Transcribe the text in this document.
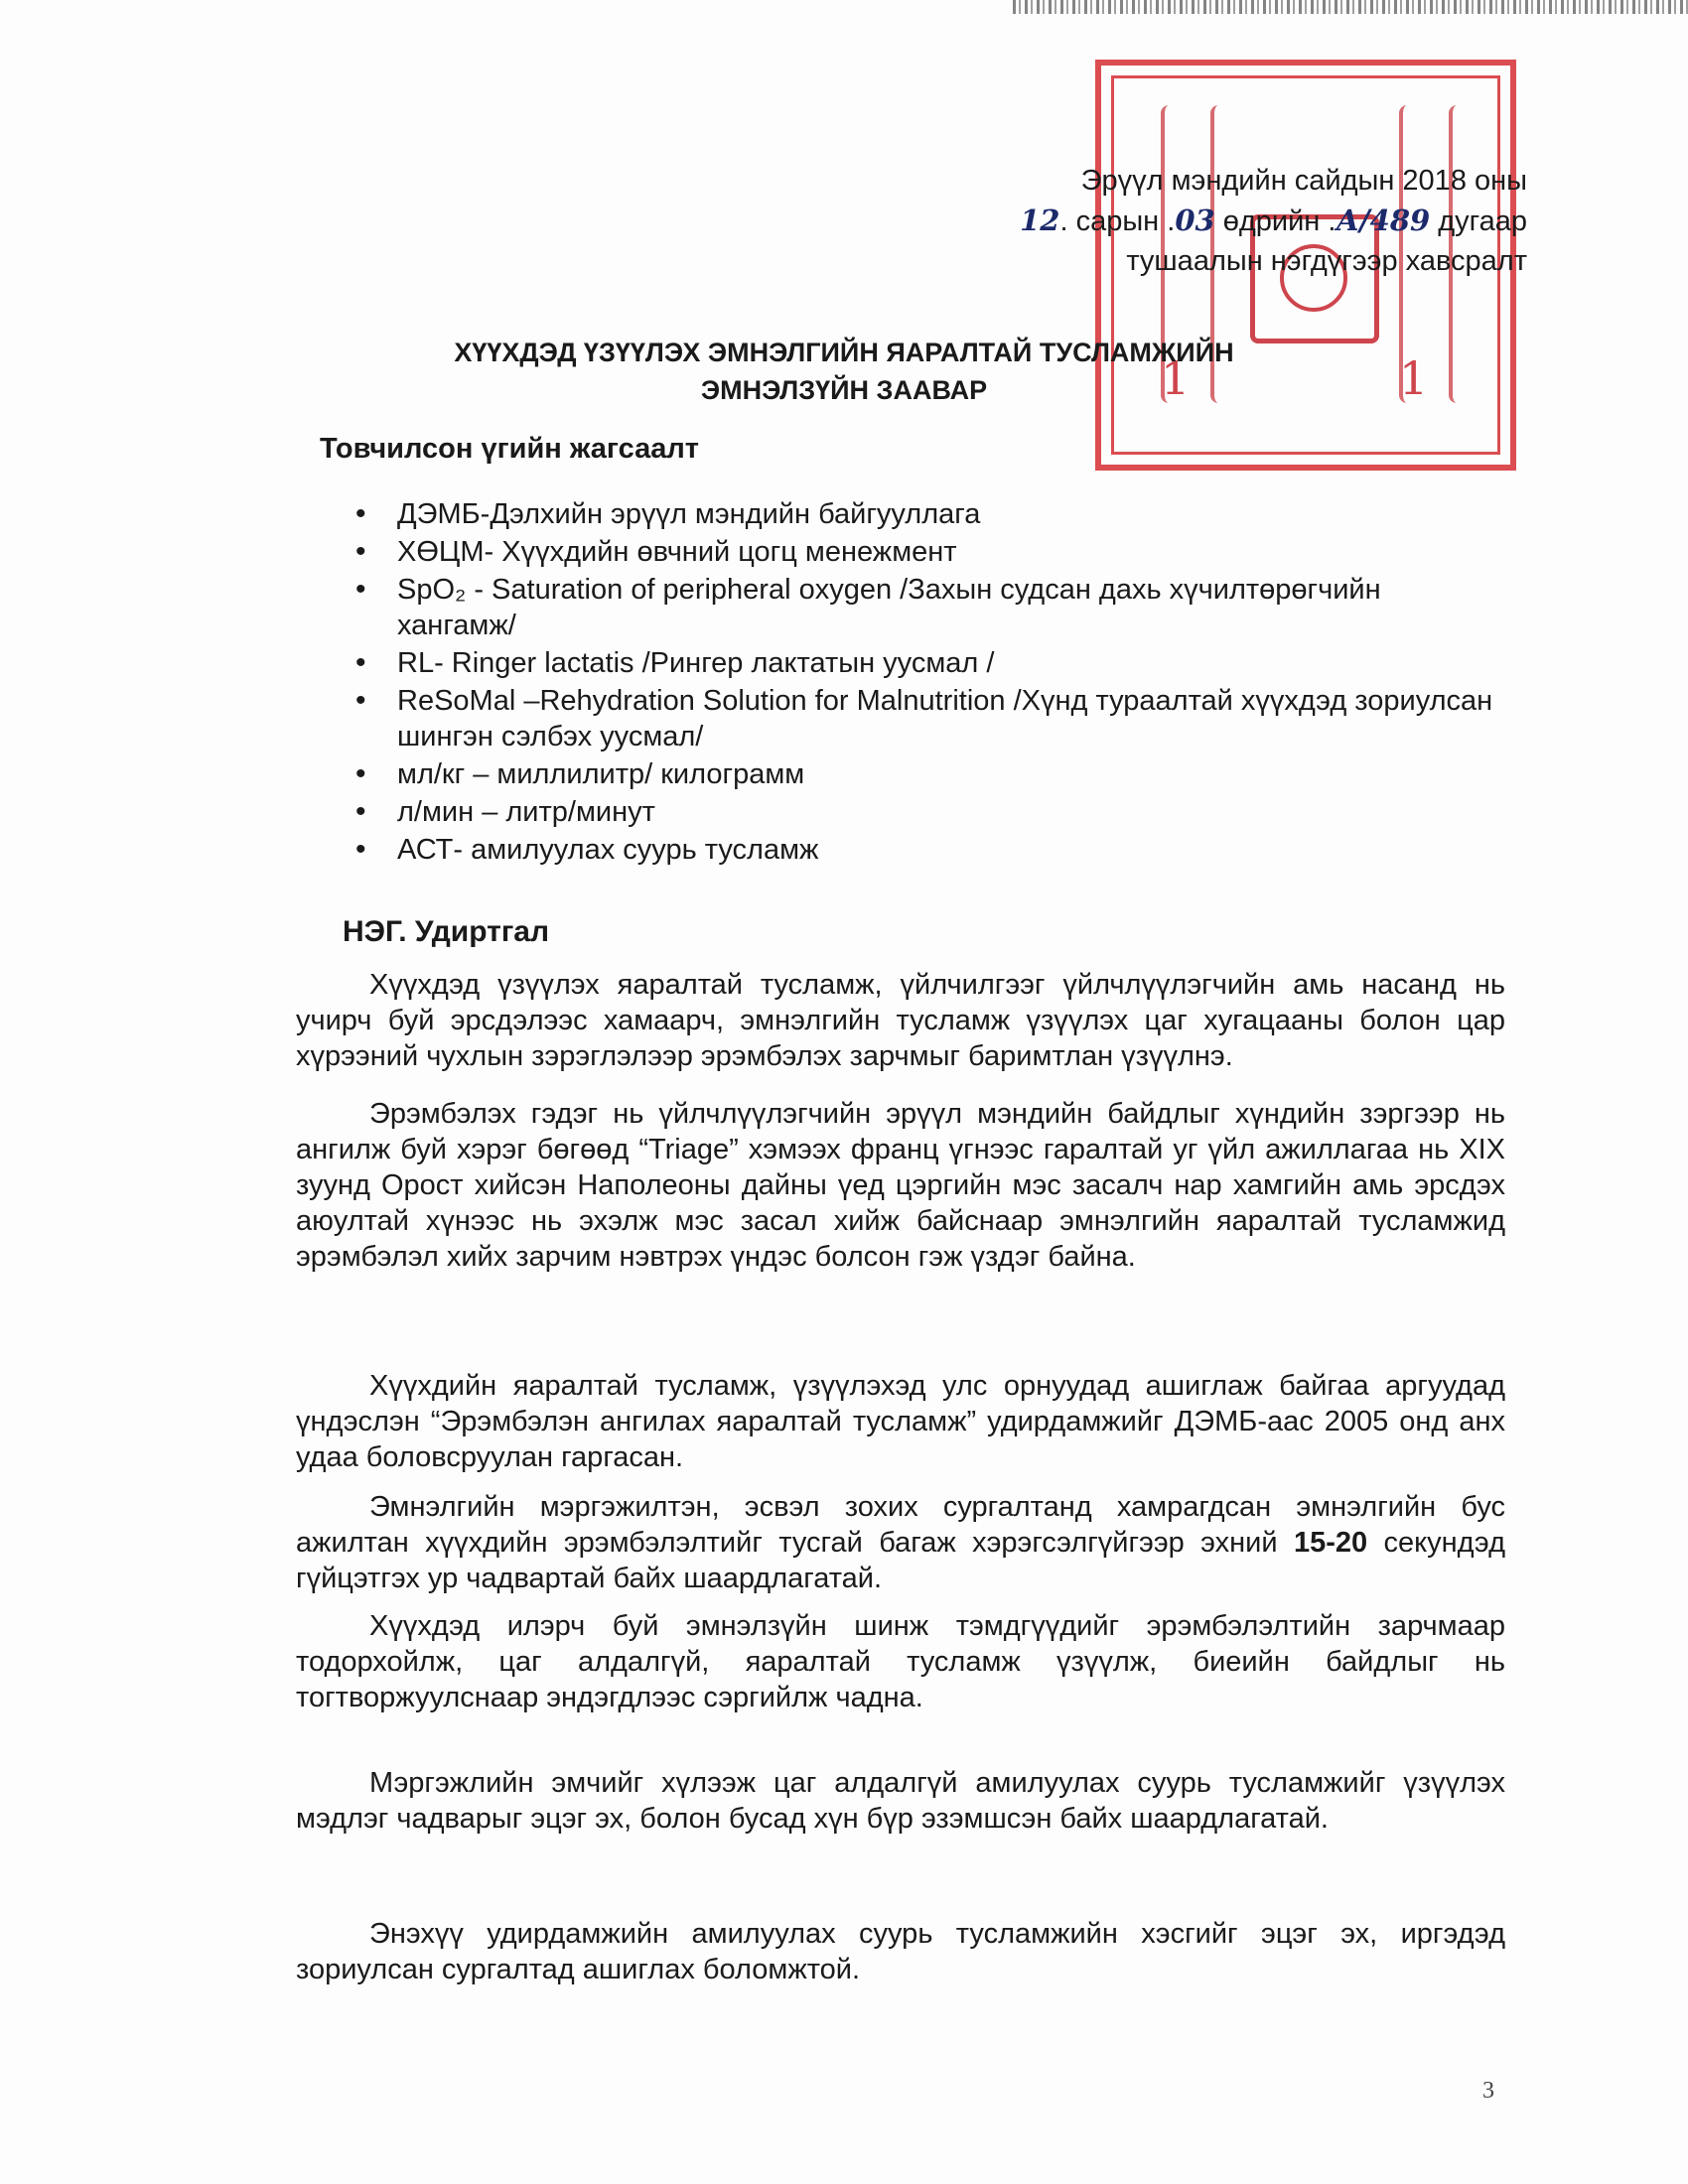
1	1
Эрүүл мэндийн сайдын 2018 оны
12. сарын .03 өдрийн .А/489 дугаар
тушаалын нэгдүгээр хавсралт
ХҮҮХДЭД ҮЗҮҮЛЭХ ЭМНЭЛГИЙН ЯАРАЛТАЙ ТУСЛАМЖИЙН
ЭМНЭЛЗҮЙН ЗААВАР
Товчилсон үгийн жагсаалт
• ДЭМБ-Дэлхийн эрүүл мэндийн байгууллага
• ХӨЦМ- Хүүхдийн өвчний цогц менежмент
• SpO₂ - Saturation of peripheral oxygen /Захын судсан дахь хүчилтөрөгчийн хангамж/
• RL- Ringer lactatis /Рингер лактатын уусмал /
• ReSoMal –Rehydration Solution for Malnutrition /Хүнд тураалтай хүүхдэд зориулсан шингэн сэлбэх уусмал/
• мл/кг – миллилитр/ килограмм
• л/мин – литр/минут
• АСТ- амилуулах суурь тусламж
НЭГ. Удиртгал

Хүүхдэд үзүүлэх яаралтай тусламж, үйлчилгээг үйлчлүүлэгчийн амь насанд нь учирч буй эрсдэлээс хамаарч, эмнэлгийн тусламж үзүүлэх цаг хугацааны болон цар хүрээний чухлын зэрэглэлээр эрэмбэлэх зарчмыг баримтлан үзүүлнэ.

Эрэмбэлэх гэдэг нь үйлчлүүлэгчийн эрүүл мэндийн байдлыг хүндийн зэргээр нь ангилж буй хэрэг бөгөөд “Triage” хэмээх франц үгнээс гаралтай уг үйл ажиллагаа нь XIX зуунд Орост хийсэн Наполеоны дайны үед цэргийн мэс засалч нар хамгийн амь эрсдэх аюултай хүнээс нь эхэлж мэс засал хийж байснаар эмнэлгийн яаралтай тусламжид эрэмбэлэл хийх зарчим нэвтрэх үндэс болсон гэж үздэг байна.

Хүүхдийн яаралтай тусламж, үзүүлэхэд улс орнуудад ашиглаж байгаа аргуудад үндэслэн “Эрэмбэлэн ангилах яаралтай тусламж” удирдамжийг ДЭМБ-аас 2005 онд анх удаа боловсруулан гаргасан.

Эмнэлгийн мэргэжилтэн, эсвэл зохих сургалтанд хамрагдсан эмнэлгийн бус ажилтан хүүхдийн эрэмбэлэлтийг тусгай багаж хэрэгсэлгүйгээр эхний 15-20 секундэд гүйцэтгэх ур чадвартай байх шаардлагатай.

Хүүхдэд илэрч буй эмнэлзүйн шинж тэмдгүүдийг эрэмбэлэлтийн зарчмаар тодорхойлж, цаг алдалгүй, яаралтай тусламж үзүүлж, биеийн байдлыг нь тогтворжуулснаар эндэгдлээс сэргийлж чадна.

Мэргэжлийн эмчийг хүлээж цаг алдалгүй амилуулах суурь тусламжийг үзүүлэх мэдлэг чадварыг эцэг эх, болон бусад хүн бүр эзэмшсэн байх шаардлагатай.

Энэхүү удирдамжийн амилуулах суурь тусламжийн хэсгийг эцэг эх, иргэдэд зориулсан сургалтад ашиглах боломжтой.

3
